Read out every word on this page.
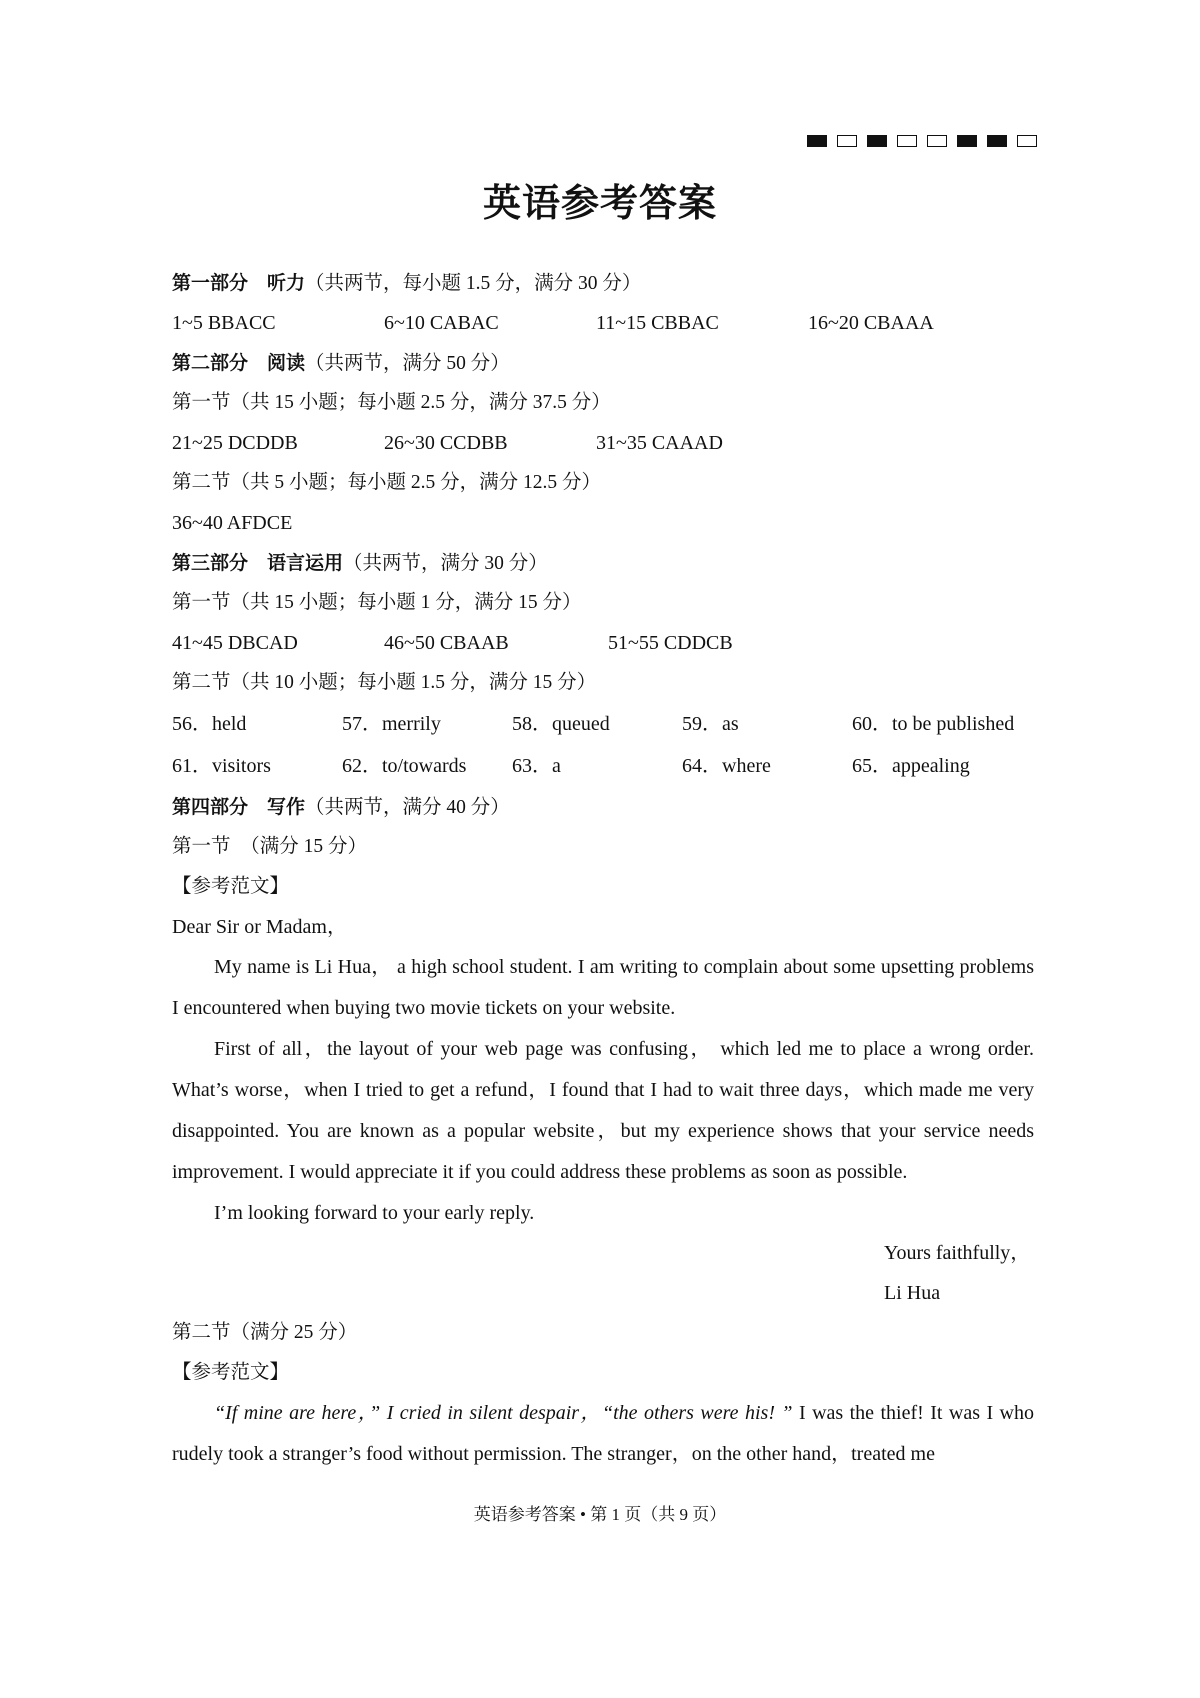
英语参考答案
第一部分　听力（共两节，每小题 1.5 分，满分 30 分）
1~5 BBACC	6~10 CABAC	11~15 CBBAC	16~20 CBAAA
第二部分　阅读（共两节，满分 50 分）
第一节（共 15 小题；每小题 2.5 分，满分 37.5 分）
21~25 DCDDB	26~30 CCDBB	31~35 CAAAD
第二节（共 5 小题；每小题 2.5 分，满分 12.5 分）
36~40 AFDCE
第三部分　语言运用（共两节，满分 30 分）
第一节（共 15 小题；每小题 1 分，满分 15 分）
41~45 DBCAD	46~50 CBAAB	51~55 CDDCB
第二节（共 10 小题；每小题 1.5 分，满分 15 分）
56．held	57．merrily	58．queued	59．as	60．to be published
61．visitors	62．to/towards	63．a	64．where	65．appealing
第四部分　写作（共两节，满分 40 分）
第一节　（满分 15 分）
【参考范文】
Dear Sir or Madam，
My name is Li Hua， a high school student. I am writing to complain about some upsetting problems I encountered when buying two movie tickets on your website.
First of all，the layout of your web page was confusing， which led me to place a wrong order. What’s worse，when I tried to get a refund，I found that I had to wait three days，which made me very disappointed. You are known as a popular website，but my experience shows that your service needs improvement. I would appreciate it if you could address these problems as soon as possible.
I’m looking forward to your early reply.
Yours faithfully，
Li Hua
第二节（满分 25 分）
【参考范文】
“If mine are here，” I cried in silent despair，“the others were his! ” I was the thief! It was I who rudely took a stranger’s food without permission. The stranger，on the other hand，treated me
英语参考答案 • 第 1 页（共 9 页）
